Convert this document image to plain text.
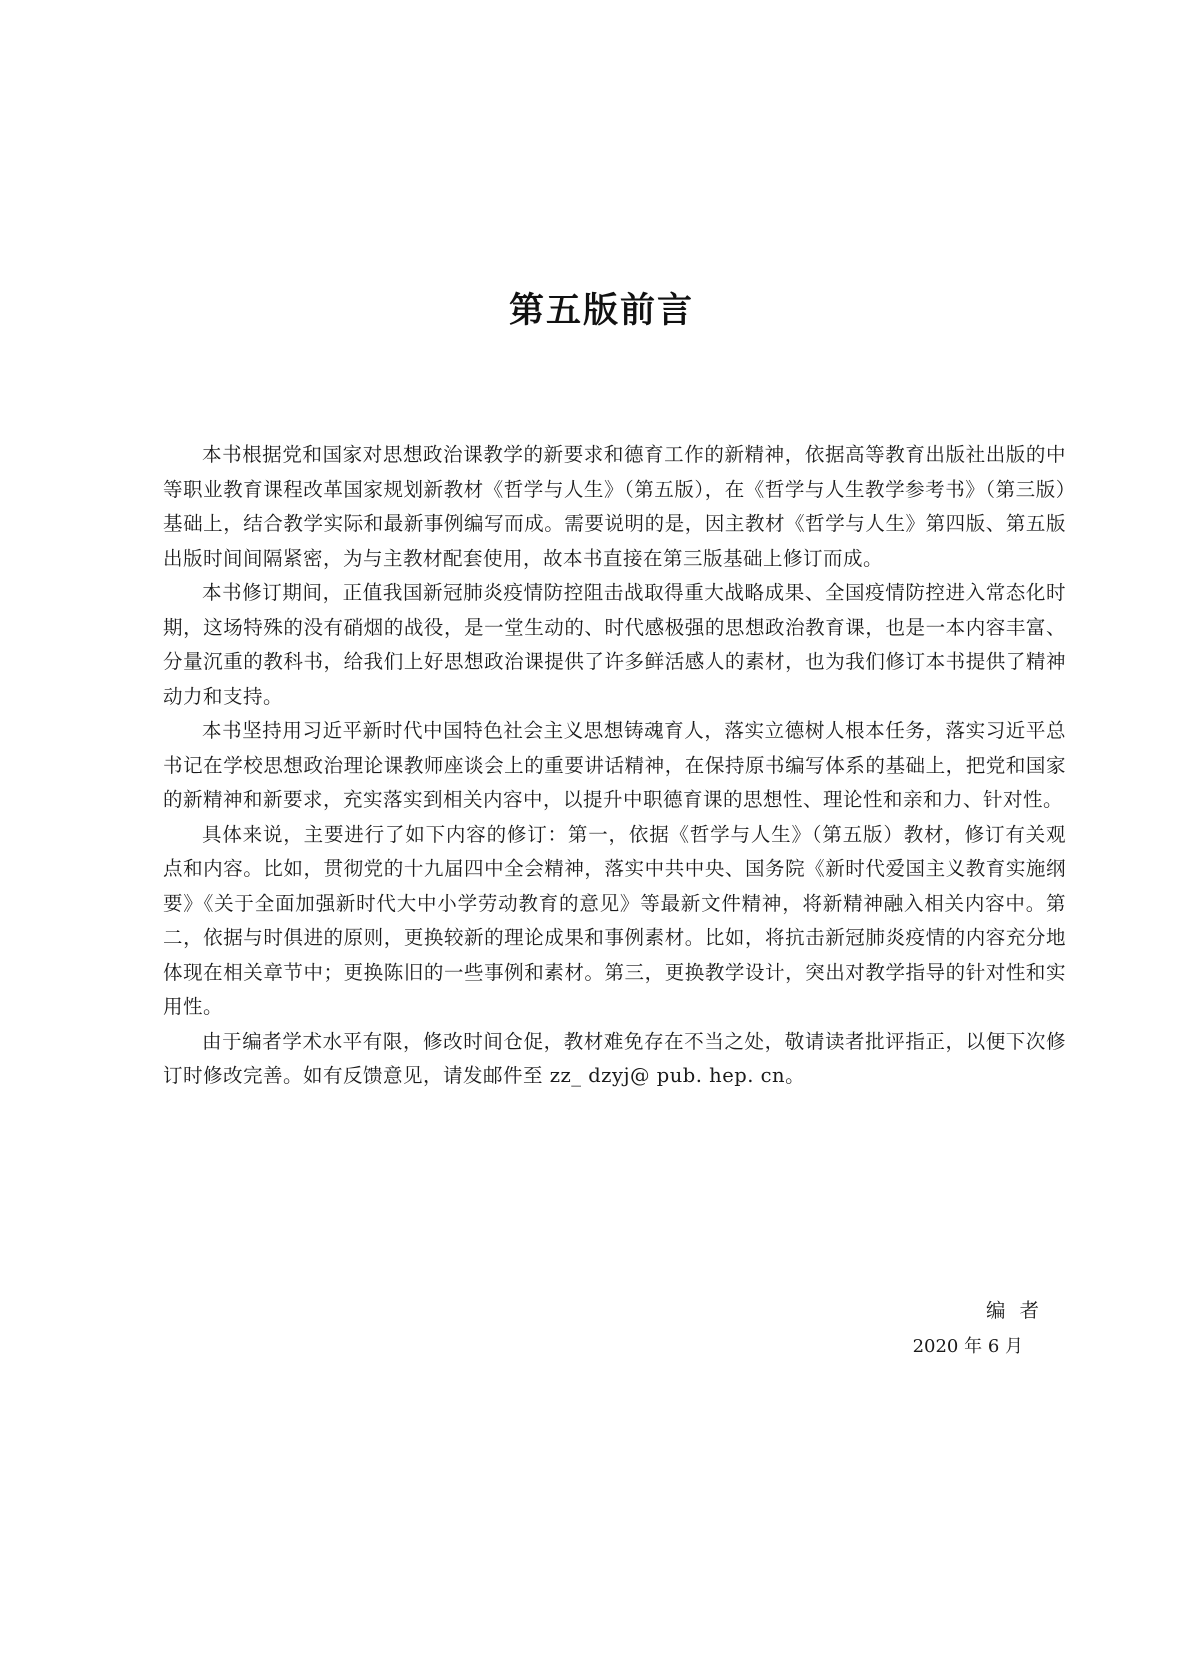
第五版前言

本书根据党和国家对思想政治课教学的新要求和德育工作的新精神，依据高等教育出版社出版的中等职业教育课程改革国家规划新教材《哲学与人生》（第五版），在《哲学与人生教学参考书》（第三版）基础上，结合教学实际和最新事例编写而成。需要说明的是，因主教材《哲学与人生》第四版、第五版出版时间间隔紧密，为与主教材配套使用，故本书直接在第三版基础上修订而成。

本书修订期间，正值我国新冠肺炎疫情防控阻击战取得重大战略成果、全国疫情防控进入常态化时期，这场特殊的没有硝烟的战役，是一堂生动的、时代感极强的思想政治教育课，也是一本内容丰富、分量沉重的教科书，给我们上好思想政治课提供了许多鲜活感人的素材，也为我们修订本书提供了精神动力和支持。

本书坚持用习近平新时代中国特色社会主义思想铸魂育人，落实立德树人根本任务，落实习近平总书记在学校思想政治理论课教师座谈会上的重要讲话精神，在保持原书编写体系的基础上，把党和国家的新精神和新要求，充实落实到相关内容中，以提升中职德育课的思想性、理论性和亲和力、针对性。

具体来说，主要进行了如下内容的修订：第一，依据《哲学与人生》（第五版）教材，修订有关观点和内容。比如，贯彻党的十九届四中全会精神，落实中共中央、国务院《新时代爱国主义教育实施纲要》《关于全面加强新时代大中小学劳动教育的意见》等最新文件精神，将新精神融入相关内容中。第二，依据与时俱进的原则，更换较新的理论成果和事例素材。比如，将抗击新冠肺炎疫情的内容充分地体现在相关章节中；更换陈旧的一些事例和素材。第三，更换教学设计，突出对教学指导的针对性和实用性。

由于编者学术水平有限，修改时间仓促，教材难免存在不当之处，敬请读者批评指正，以便下次修订时修改完善。如有反馈意见，请发邮件至 zz_ dzyj@ pub. hep. cn。

编者

2020 年 6 月
